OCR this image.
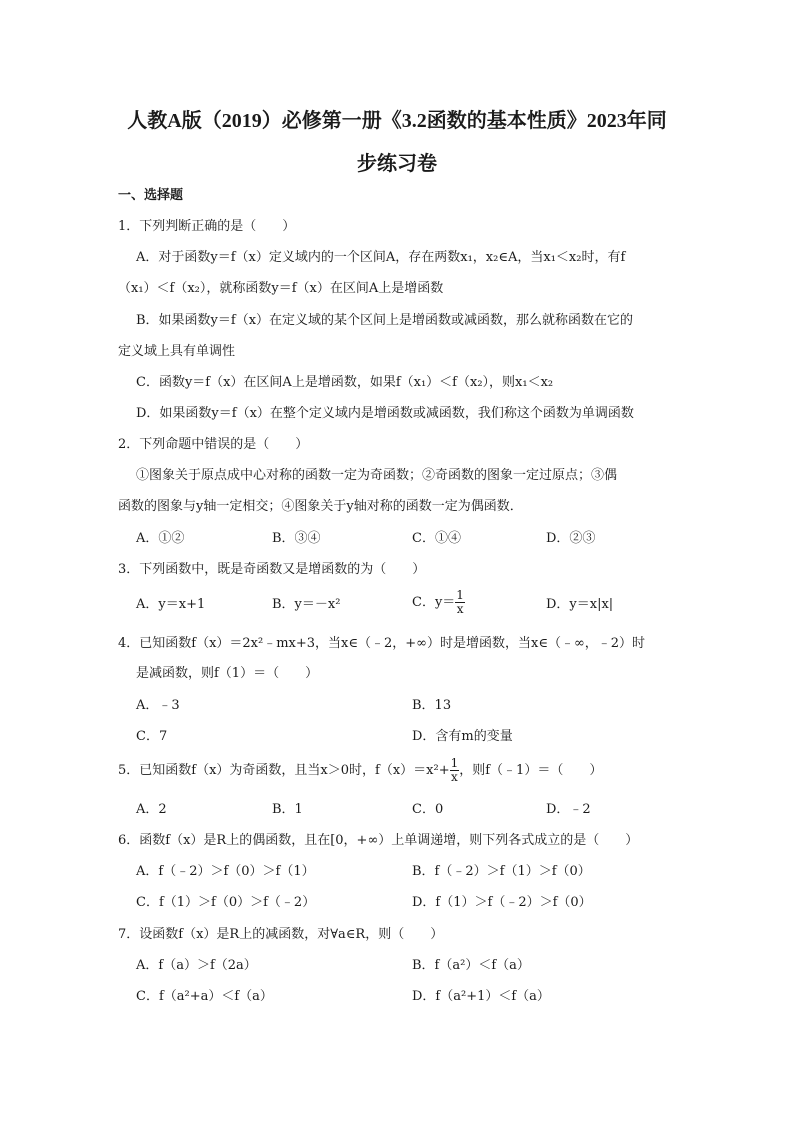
人教A版（2019）必修第一册《3.2函数的基本性质》2023年同
步练习卷
一、选择题
1．下列判断正确的是（　　）
A．对于函数y＝f（x）定义域内的一个区间A，存在两数x₁，x₂∈A，当x₁＜x₂时，有f
（x₁）＜f（x₂），就称函数y＝f（x）在区间A上是增函数
B．如果函数y＝f（x）在定义域的某个区间上是增函数或减函数，那么就称函数在它的
定义域上具有单调性
C．函数y＝f（x）在区间A上是增函数，如果f（x₁）＜f（x₂），则x₁＜x₂
D．如果函数y＝f（x）在整个定义域内是增函数或减函数，我们称这个函数为单调函数
2．下列命题中错误的是（　　）
①图象关于原点成中心对称的函数一定为奇函数；②奇函数的图象一定过原点；③偶
函数的图象与y轴一定相交；④图象关于y轴对称的函数一定为偶函数．
A．①②	B．③④	C．①④	D．②③
3．下列函数中，既是奇函数又是增函数的为（　　）
A．y＝x+1	B．y＝－x²	C．$y= \frac{1}{x}$	D．y＝x|x|
4．已知函数f（x）＝2x²﹣mx+3，当x∈（﹣2，+∞）时是增函数，当x∈（﹣∞，﹣2）时
是减函数，则f（1）＝（　　）
A．﹣3	B．13
C．7	D．含有m的变量
5．已知函数f（x）为奇函数，且当x＞0时，$f(x)=x^2+ \frac{1}{x}$ ，则f（﹣1）＝（　　）
A．2	B．1	C．0	D．﹣2
6．函数f（x）是R上的偶函数，且在[0，+∞）上单调递增，则下列各式成立的是（　　）
A．f（﹣2）＞f（0）＞f（1）	B．f（﹣2）＞f（1）＞f（0）
C．f（1）＞f（0）＞f（﹣2）	D．f（1）＞f（﹣2）＞f（0）
7．设函数f（x）是R上的减函数，对∀a∈R，则（　　）
A．f（a）＞f（2a）	B．f（a²）＜f（a）
C．f（a²+a）＜f（a）	D．f（a²+1）＜f（a）
